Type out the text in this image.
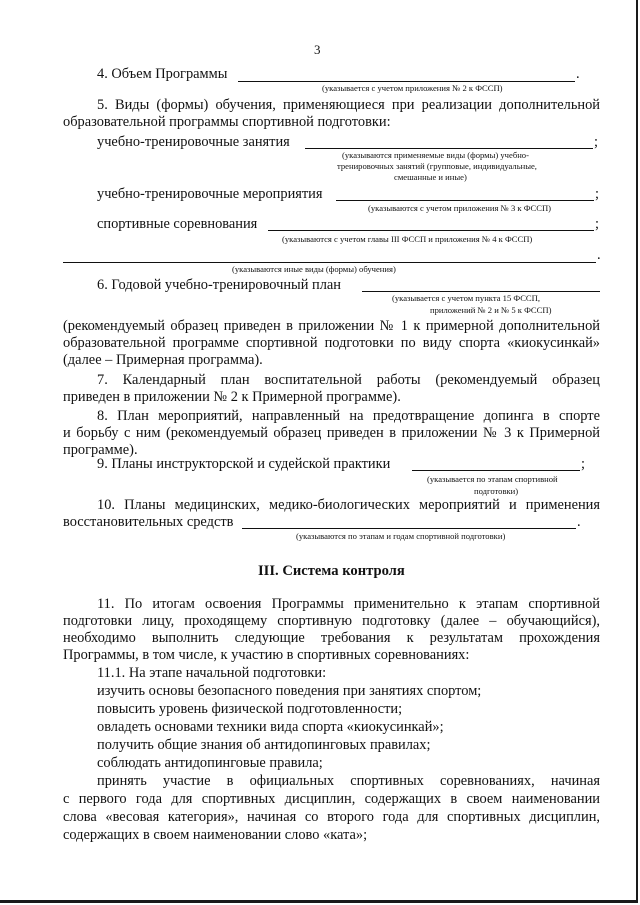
3
4. Объем Программы	.
(указывается с учетом приложения № 2 к ФССП)
5. Виды (формы) обучения, применяющиеся при реализации дополнительной
образовательной программы спортивной подготовки:
учебно-тренировочные занятия	;
(указываются применяемые виды (формы) учебно-
тренировочных занятий (групповые, индивидуальные,
смешанные и иные)
учебно-тренировочные мероприятия	;
(указываются с учетом приложения № 3 к ФССП)
спортивные соревнования	;
(указываются с учетом главы III ФССП и приложения № 4 к ФССП)
.
(указываются иные виды (формы) обучения)
6. Годовой учебно-тренировочный план
(указывается с учетом пункта 15 ФССП,
приложений № 2 и № 5 к ФССП)
(рекомендуемый образец приведен в приложении № 1 к примерной дополнительной
образовательной программе спортивной подготовки по виду спорта «киокусинкай»
(далее – Примерная программа).
7. Календарный план воспитательной работы (рекомендуемый образец
приведен в приложении № 2 к Примерной программе).
8. План мероприятий, направленный на предотвращение допинга в спорте
и борьбу с ним (рекомендуемый образец приведен в приложении № 3 к Примерной
программе).
9. Планы инструкторской и судейской практики	;
(указывается по этапам спортивной
подготовки)
10. Планы медицинских, медико-биологических мероприятий и применения
восстановительных средств	.
(указываются по этапам и годам спортивной подготовки)
III. Система контроля
11. По итогам освоения Программы применительно к этапам спортивной
подготовки лицу, проходящему спортивную подготовку (далее – обучающийся),
необходимо выполнить следующие требования к результатам прохождения
Программы, в том числе, к участию в спортивных соревнованиях:
11.1. На этапе начальной подготовки:
изучить основы безопасного поведения при занятиях спортом;
повысить уровень физической подготовленности;
овладеть основами техники вида спорта «киокусинкай»;
получить общие знания об антидопинговых правилах;
соблюдать антидопинговые правила;
принять участие в официальных спортивных соревнованиях, начиная
с первого года для спортивных дисциплин, содержащих в своем наименовании
слова «весовая категория», начиная со второго года для спортивных дисциплин,
содержащих в своем наименовании слово «ката»;
